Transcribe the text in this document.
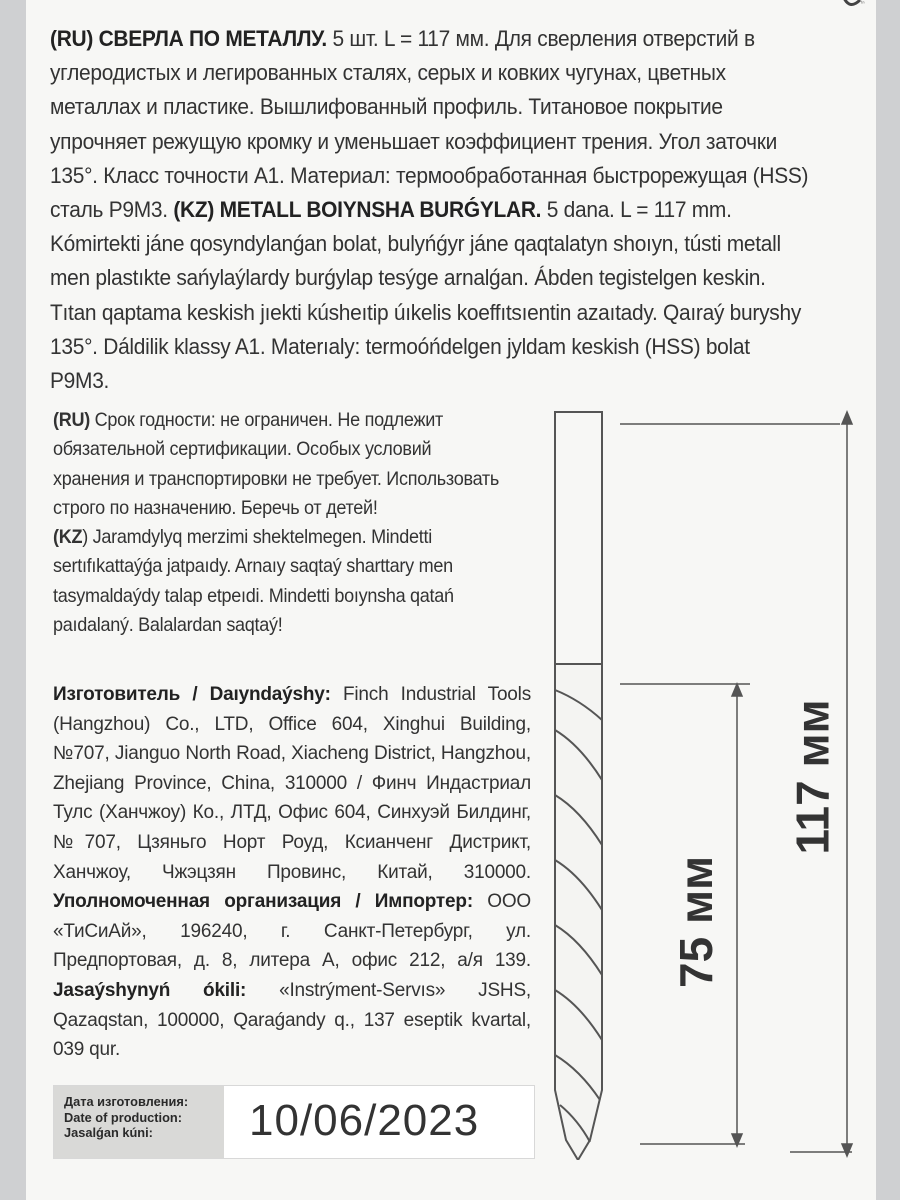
ᵗⁿ
(RU) СВЕРЛА ПО МЕТАЛЛУ. 5 шт. L = 117 мм. Для сверления отверстий в углеродистых и легированных сталях, серых и ковких чугунах, цветных металлах и пластике. Вышлифованный профиль. Титановое покрытие упрочняет режущую кромку и уменьшает коэффициент трения. Угол заточки 135°. Класс точности А1. Материал: термообработанная быстрорежущая (HSS) сталь Р9М3. (KZ) METALL BOIYNSHA BURǴYLAR. 5 dana. L = 117 mm. Kómirtekti jáne qosyndylanǵan bolat, bulyńǵyr jáne qaqtalatyn shoıyn, tústi metall men plastıkte sańylaýlardy burǵylap tesýge arnalǵan. Ábden tegistelgen keskin. Tıtan qaptama keskish jıekti kúsheıtip úıkelis koeffıtsıentin azaıtady. Qaıraý buryshy 135°. Dáldilik klassy A1. Materıaly: termoóńdelgen jyldam keskish (HSS) bolat P9M3.

(RU) Срок годности: не ограничен. Не подлежит обязательной сертификации. Особых условий хранения и транспортировки не требует. Использовать строго по назначению. Беречь от детей!

(KZ) Jaramdylyq merzimi shektelmegen. Mindetti sertıfıkattaýǵa jatpaıdy. Arnaıy saqtaý sharttary men tasymaldaýdy talap etpeıdi. Mindetti boıynsha qatań paıdalaný. Balalardan saqtaý!

Изготовитель / Daıyndaýshy: Finch Industrial Tools (Hangzhou) Co., LTD, Office 604, Xinghui Building, №707, Jianguo North Road, Xiacheng District, Hangzhou, Zhejiang Province, China, 310000 / Финч Индастриал Тулс (Ханчжоу) Ко., ЛТД, Офис 604, Синхуэй Билдинг, №707, Цзяньго Норт Роуд, Ксианченг Дистрикт, Ханчжоу, Чжэцзян Провинс, Китай, 310000. Уполномоченная организация / Импортер: ООО «ТиСиАй», 196240, г. Санкт-Петербург, ул. Предпортовая, д. 8, литера А, офис 212, а/я 139. Jasaýshynyń ókili: «Instrýment-Servıs» JSHS, Qazaqstan, 100000, Qaraǵandy q., 137 eseptik kvartal, 039 qur.
Дата изготовления:
Date of production:
Jasalǵan kúni:	10/06/2023
117 мм
75 мм
